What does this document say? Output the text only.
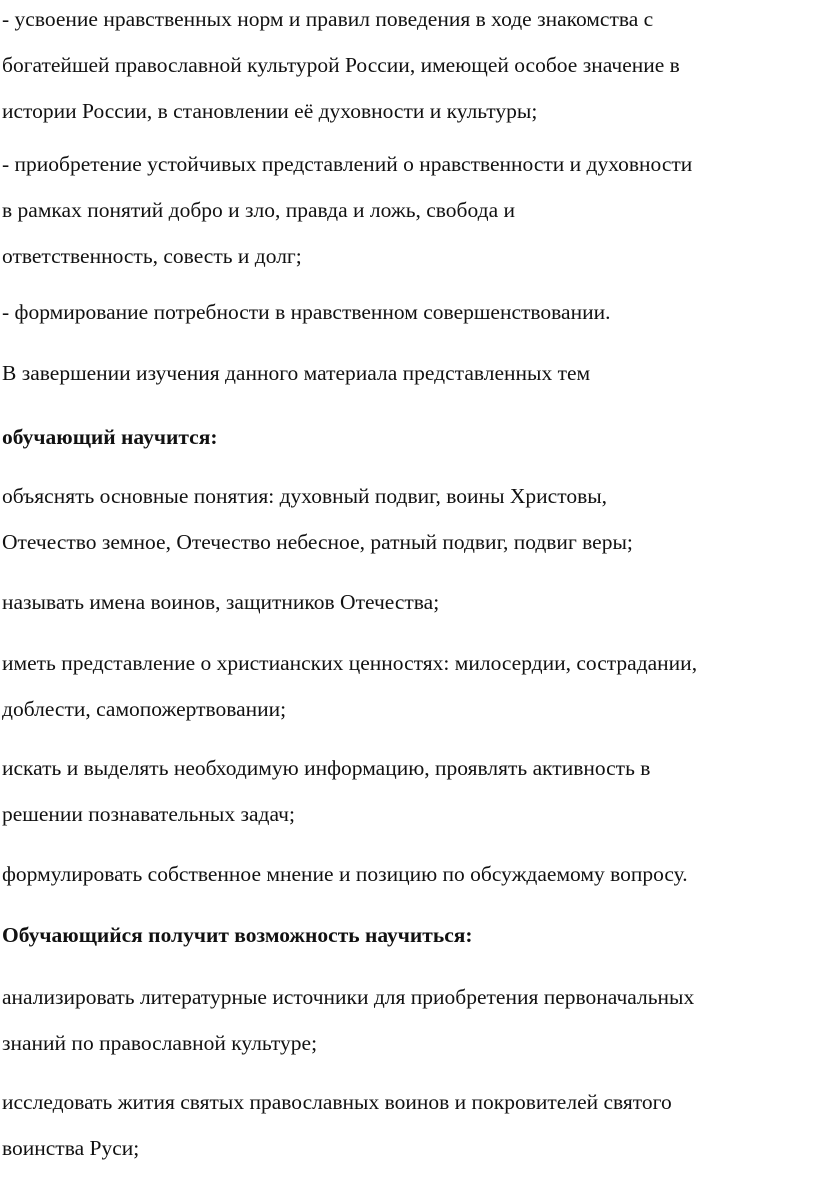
- усвоение нравственных норм и правил поведения в ходе знакомства с
богатейшей православной культурой России, имеющей особое значение в
истории России, в становлении её духовности и культуры;

- приобретение устойчивых представлений о нравственности и духовности
в рамках понятий добро и зло, правда и ложь, свобода и
ответственность, совесть и долг;

- формирование потребности в нравственном совершенствовании.

В завершении изучения данного материала представленных тем

обучающий научится:

объяснять основные понятия: духовный подвиг, воины Христовы,
Отечество земное, Отечество небесное, ратный подвиг, подвиг веры;

называть имена воинов, защитников Отечества;

иметь представление о христианских ценностях: милосердии, сострадании,
доблести, самопожертвовании;

искать и выделять необходимую информацию, проявлять активность в
решении познавательных задач;

формулировать собственное мнение и позицию по обсуждаемому вопросу.

Обучающийся получит возможность научиться:

анализировать литературные источники для приобретения первоначальных
знаний по православной культуре;

исследовать жития святых православных воинов и покровителей святого
воинства Руси;
